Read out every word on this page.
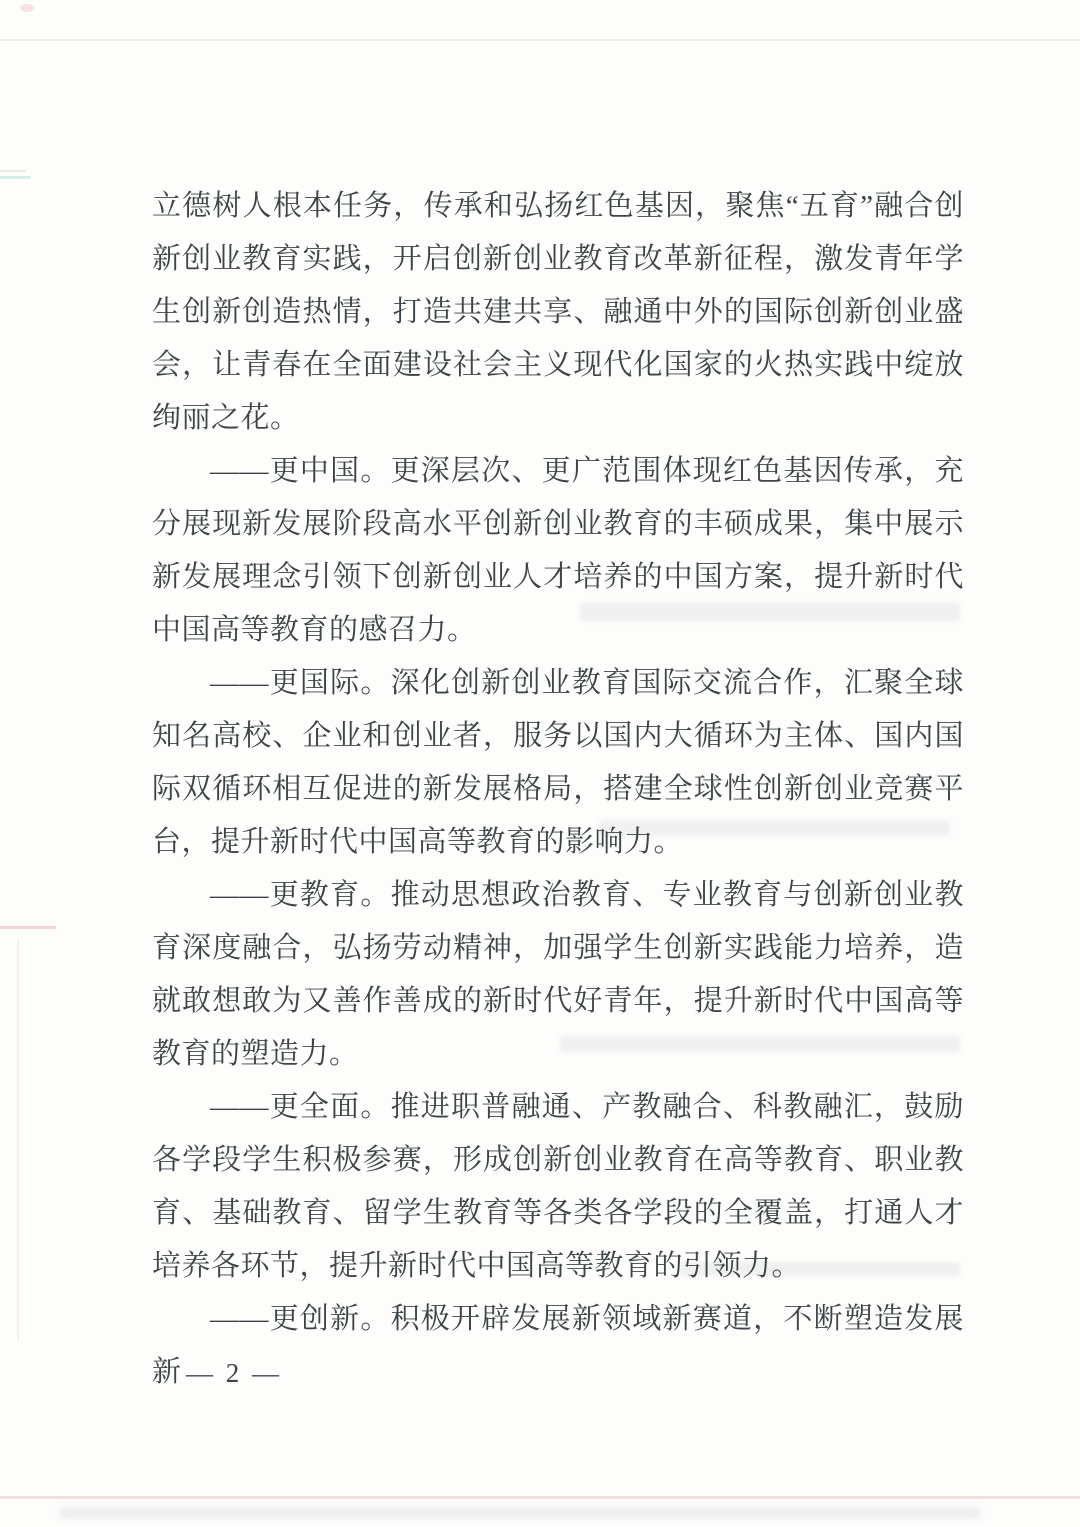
立德树人根本任务，传承和弘扬红色基因，聚焦“五育”融合创新创业教育实践，开启创新创业教育改革新征程，激发青年学生创新创造热情，打造共建共享、融通中外的国际创新创业盛会，让青春在全面建设社会主义现代化国家的火热实践中绽放绚丽之花。

——更中国。更深层次、更广范围体现红色基因传承，充分展现新发展阶段高水平创新创业教育的丰硕成果，集中展示新发展理念引领下创新创业人才培养的中国方案，提升新时代中国高等教育的感召力。

——更国际。深化创新创业教育国际交流合作，汇聚全球知名高校、企业和创业者，服务以国内大循环为主体、国内国际双循环相互促进的新发展格局，搭建全球性创新创业竞赛平台，提升新时代中国高等教育的影响力。

——更教育。推动思想政治教育、专业教育与创新创业教育深度融合，弘扬劳动精神，加强学生创新实践能力培养，造就敢想敢为又善作善成的新时代好青年，提升新时代中国高等教育的塑造力。

——更全面。推进职普融通、产教融合、科教融汇，鼓励各学段学生积极参赛，形成创新创业教育在高等教育、职业教育、基础教育、留学生教育等各类各学段的全覆盖，打通人才培养各环节，提升新时代中国高等教育的引领力。

——更创新。积极开辟发展新领域新赛道，不断塑造发展新 — 2 —
